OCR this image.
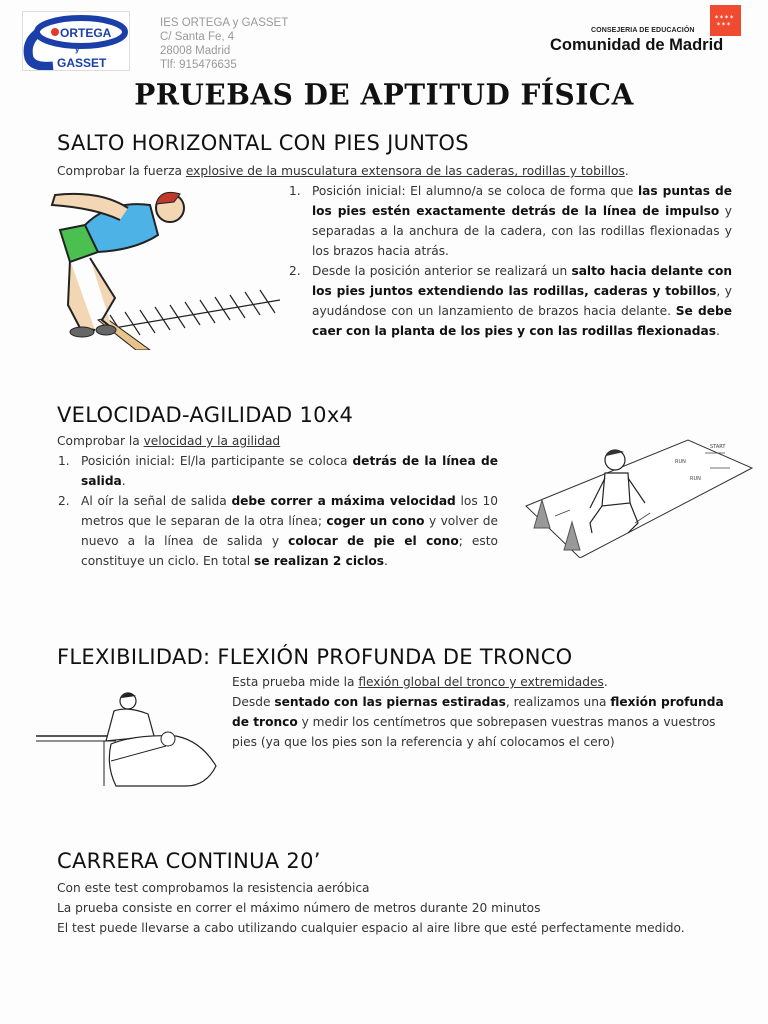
ORTEGA
y
GASSET
IES ORTEGA y GASSET
C/ Santa Fe, 4
28008 Madrid
Tlf: 915476635
CONSEJERIA DE EDUCACIÓN
Comunidad de Madrid
✶✶✶✶
✶✶✶
PRUEBAS DE APTITUD FÍSICA
SALTO HORIZONTAL CON PIES JUNTOS
Comprobar la fuerza explosive de la musculatura extensora de las caderas, rodillas y tobillos.
1. Posición inicial: El alumno/a se coloca de forma que las puntas de los pies estén exactamente detrás de la línea de impulso y separadas a la anchura de la cadera, con las rodillas flexionadas y los brazos hacia atrás.
2. Desde la posición anterior se realizará un salto hacia delante con los pies juntos extendiendo las rodillas, caderas y tobillos, y ayudándose con un lanzamiento de brazos hacia delante. Se debe caer con la planta de los pies y con las rodillas flexionadas.
VELOCIDAD-AGILIDAD 10x4
Comprobar la velocidad y la agilidad
1. Posición inicial: El/la participante se coloca detrás de la línea de salida.
2. Al oír la señal de salida debe correr a máxima velocidad los 10 metros que le separan de la otra línea; coger un cono y volver de nuevo a la línea de salida y colocar de pie el cono; esto constituye un ciclo. En total se realizan 2 ciclos.
START
RUN
RUN
FLEXIBILIDAD: FLEXIÓN PROFUNDA DE TRONCO
Esta prueba mide la flexión global del tronco y extremidades.
Desde sentado con las piernas estiradas, realizamos una flexión profunda de tronco y medir los centímetros que sobrepasen vuestras manos a vuestros pies (ya que los pies son la referencia y ahí colocamos el cero)
CARRERA CONTINUA 20’
Con este test comprobamos la resistencia aeróbica
La prueba consiste en correr el máximo número de metros durante 20 minutos
El test puede llevarse a cabo utilizando cualquier espacio al aire libre que esté perfectamente medido.
